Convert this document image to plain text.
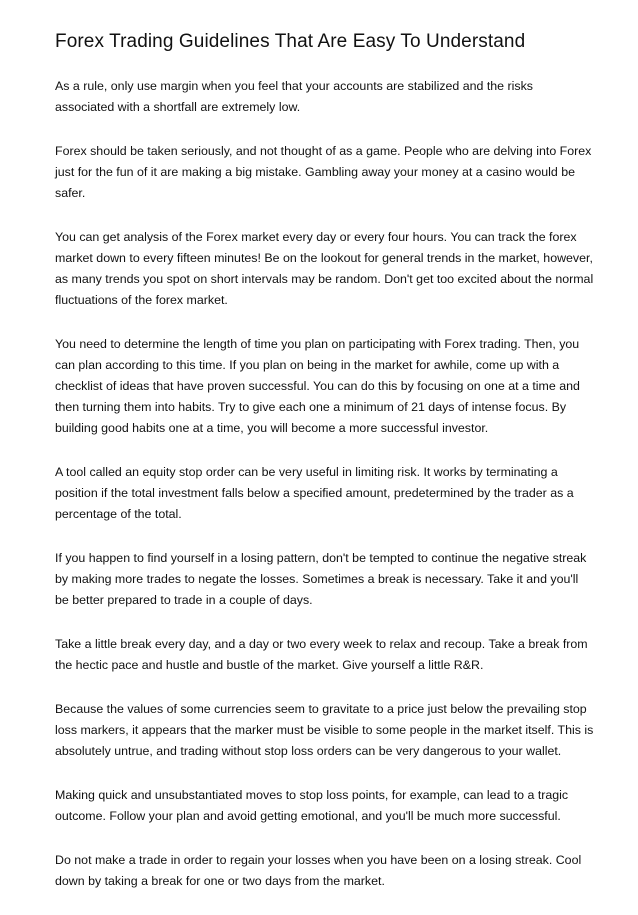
Forex Trading Guidelines That Are Easy To Understand

As a rule, only use margin when you feel that your accounts are stabilized and the risks associated with a shortfall are extremely low.

Forex should be taken seriously, and not thought of as a game. People who are delving into Forex just for the fun of it are making a big mistake. Gambling away your money at a casino would be safer.

You can get analysis of the Forex market every day or every four hours. You can track the forex market down to every fifteen minutes! Be on the lookout for general trends in the market, however, as many trends you spot on short intervals may be random. Don't get too excited about the normal fluctuations of the forex market.

You need to determine the length of time you plan on participating with Forex trading. Then, you can plan according to this time. If you plan on being in the market for awhile, come up with a checklist of ideas that have proven successful. You can do this by focusing on one at a time and then turning them into habits. Try to give each one a minimum of 21 days of intense focus. By building good habits one at a time, you will become a more successful investor.

A tool called an equity stop order can be very useful in limiting risk. It works by terminating a position if the total investment falls below a specified amount, predetermined by the trader as a percentage of the total.

If you happen to find yourself in a losing pattern, don't be tempted to continue the negative streak by making more trades to negate the losses. Sometimes a break is necessary. Take it and you'll be better prepared to trade in a couple of days.

Take a little break every day, and a day or two every week to relax and recoup. Take a break from the hectic pace and hustle and bustle of the market. Give yourself a little R&R.

Because the values of some currencies seem to gravitate to a price just below the prevailing stop loss markers, it appears that the marker must be visible to some people in the market itself. This is absolutely untrue, and trading without stop loss orders can be very dangerous to your wallet.

Making quick and unsubstantiated moves to stop loss points, for example, can lead to a tragic outcome. Follow your plan and avoid getting emotional, and you'll be much more successful.

Do not make a trade in order to regain your losses when you have been on a losing streak. Cool down by taking a break for one or two days from the market.
